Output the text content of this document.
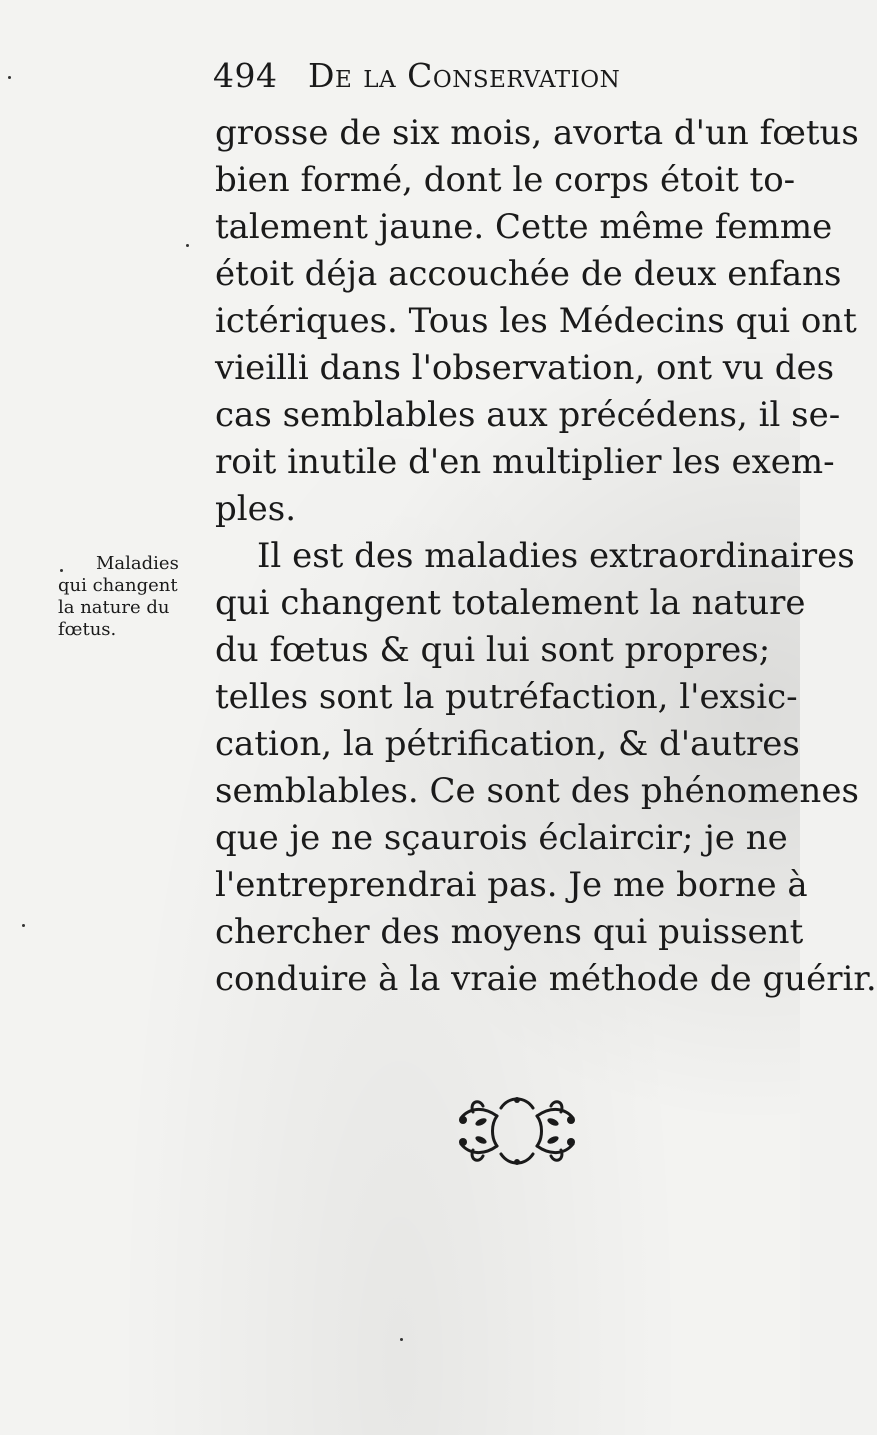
494 De la Conservation
Maladies
qui changent
la nature du
fœtus.
grosse de six mois, avorta d'un fœtus
bien formé, dont le corps étoit to-
talement jaune. Cette même femme
étoit déja accouchée de deux enfans
ictériques. Tous les Médecins qui ont
vieilli dans l'observation, ont vu des
cas semblables aux précédens, il se-
roit inutile d'en multiplier les exem-
ples.
Il est des maladies extraordinaires
qui changent totalement la nature
du fœtus & qui lui sont propres;
telles sont la putréfaction, l'exsic-
cation, la pétrification, & d'autres
semblables. Ce sont des phénomenes
que je ne sçaurois éclaircir; je ne
l'entreprendrai pas. Je me borne à
chercher des moyens qui puissent
conduire à la vraie méthode de guérir.
